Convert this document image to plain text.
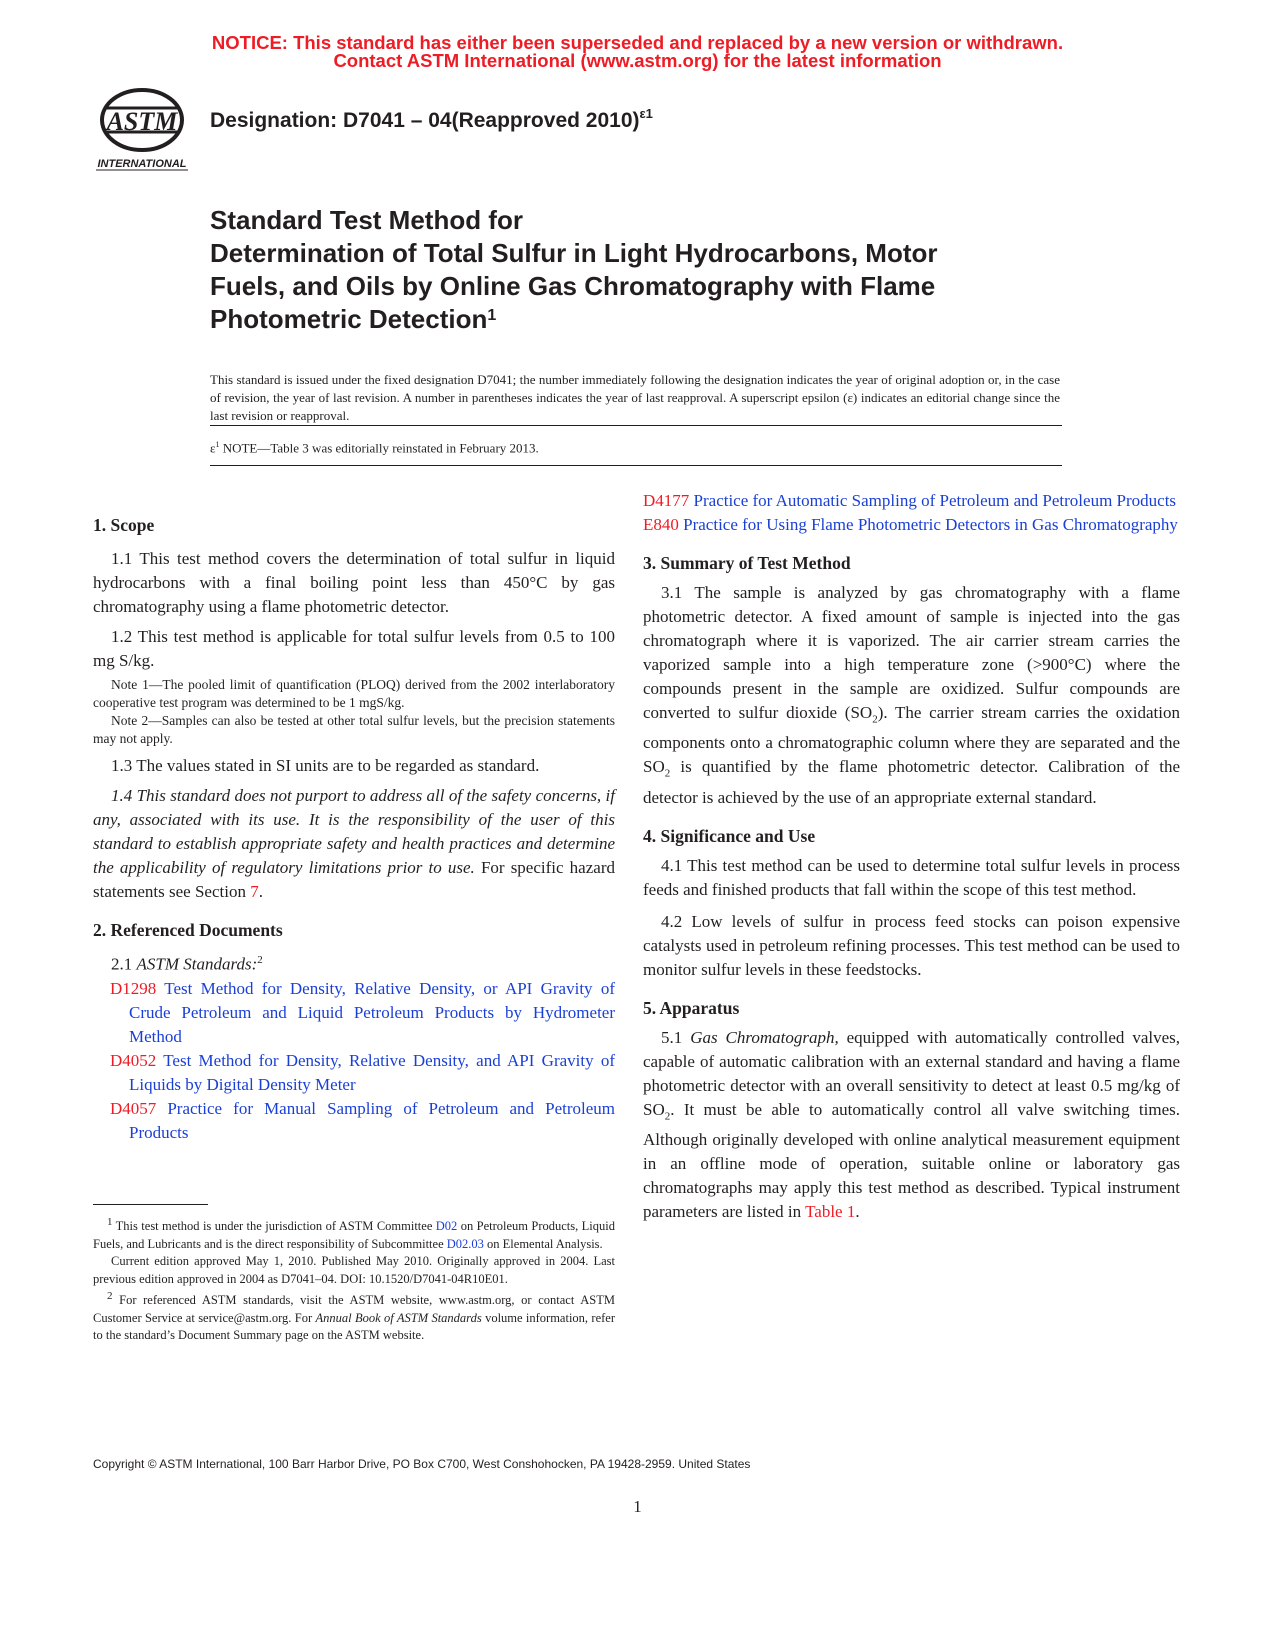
NOTICE: This standard has either been superseded and replaced by a new version or withdrawn.
Contact ASTM International (www.astm.org) for the latest information
ASTM
INTERNATIONAL
Designation: D7041 – 04(Reapproved 2010)$^{\varepsilon 1}$
Standard Test Method for
Determination of Total Sulfur in Light Hydrocarbons, Motor Fuels, and Oils by Online Gas Chromatography with Flame Photometric Detection$^1$
This standard is issued under the fixed designation D7041; the number immediately following the designation indicates the year of original adoption or, in the case of revision, the year of last revision. A number in parentheses indicates the year of last reapproval. A superscript epsilon (ε) indicates an editorial change since the last revision or reapproval.
$\varepsilon^1$ NOTE—Table 3 was editorially reinstated in February 2013.
1. Scope

1.1 This test method covers the determination of total sulfur in liquid hydrocarbons with a final boiling point less than 450°C by gas chromatography using a flame photometric detector.

1.2 This test method is applicable for total sulfur levels from 0.5 to 100 mg S/kg.

Note 1—The pooled limit of quantification (PLOQ) derived from the 2002 interlaboratory cooperative test program was determined to be 1 mgS/kg.

Note 2—Samples can also be tested at other total sulfur levels, but the precision statements may not apply.

1.3 The values stated in SI units are to be regarded as standard.

1.4 This standard does not purport to address all of the safety concerns, if any, associated with its use. It is the responsibility of the user of this standard to establish appropriate safety and health practices and determine the applicability of regulatory limitations prior to use. For specific hazard statements see Section 7.

2. Referenced Documents
2.1 ASTM Standards:$^2$
D1298 Test Method for Density, Relative Density, or API Gravity of Crude Petroleum and Liquid Petroleum Products by Hydrometer Method
D4052 Test Method for Density, Relative Density, and API Gravity of Liquids by Digital Density Meter
D4057 Practice for Manual Sampling of Petroleum and Petroleum Products

1 This test method is under the jurisdiction of ASTM Committee D02 on Petroleum Products, Liquid Fuels, and Lubricants and is the direct responsibility of Subcommittee D02.03 on Elemental Analysis.

Current edition approved May 1, 2010. Published May 2010. Originally approved in 2004. Last previous edition approved in 2004 as D7041–04. DOI: 10.1520/D7041-04R10E01.

2 For referenced ASTM standards, visit the ASTM website, www.astm.org, or contact ASTM Customer Service at service@astm.org. For Annual Book of ASTM Standards volume information, refer to the standard’s Document Summary page on the ASTM website.

D4177 Practice for Automatic Sampling of Petroleum and Petroleum Products
E840 Practice for Using Flame Photometric Detectors in Gas Chromatography
3. Summary of Test Method

3.1 The sample is analyzed by gas chromatography with a flame photometric detector. A fixed amount of sample is injected into the gas chromatograph where it is vaporized. The air carrier stream carries the vaporized sample into a high temperature zone (>900°C) where the compounds present in the sample are oxidized. Sulfur compounds are converted to sulfur dioxide $(SO_2)$. The carrier stream carries the oxidation components onto a chromatographic column where they are separated and the $SO_2$ is quantified by the flame photometric detector. Calibration of the detector is achieved by the use of an appropriate external standard.

4. Significance and Use

4.1 This test method can be used to determine total sulfur levels in process feeds and finished products that fall within the scope of this test method.

4.2 Low levels of sulfur in process feed stocks can poison expensive catalysts used in petroleum refining processes. This test method can be used to monitor sulfur levels in these feedstocks.

5. Apparatus

5.1 Gas Chromatograph, equipped with automatically controlled valves, capable of automatic calibration with an external standard and having a flame photometric detector with an overall sensitivity to detect at least 0.5 mg/kg of $SO_2$. It must be able to automatically control all valve switching times. Although originally developed with online analytical measurement equipment in an offline mode of operation, suitable online or laboratory gas chromatographs may apply this test method as described. Typical instrument parameters are listed in Table 1.

Copyright © ASTM International, 100 Barr Harbor Drive, PO Box C700, West Conshohocken, PA 19428-2959. United States
1
